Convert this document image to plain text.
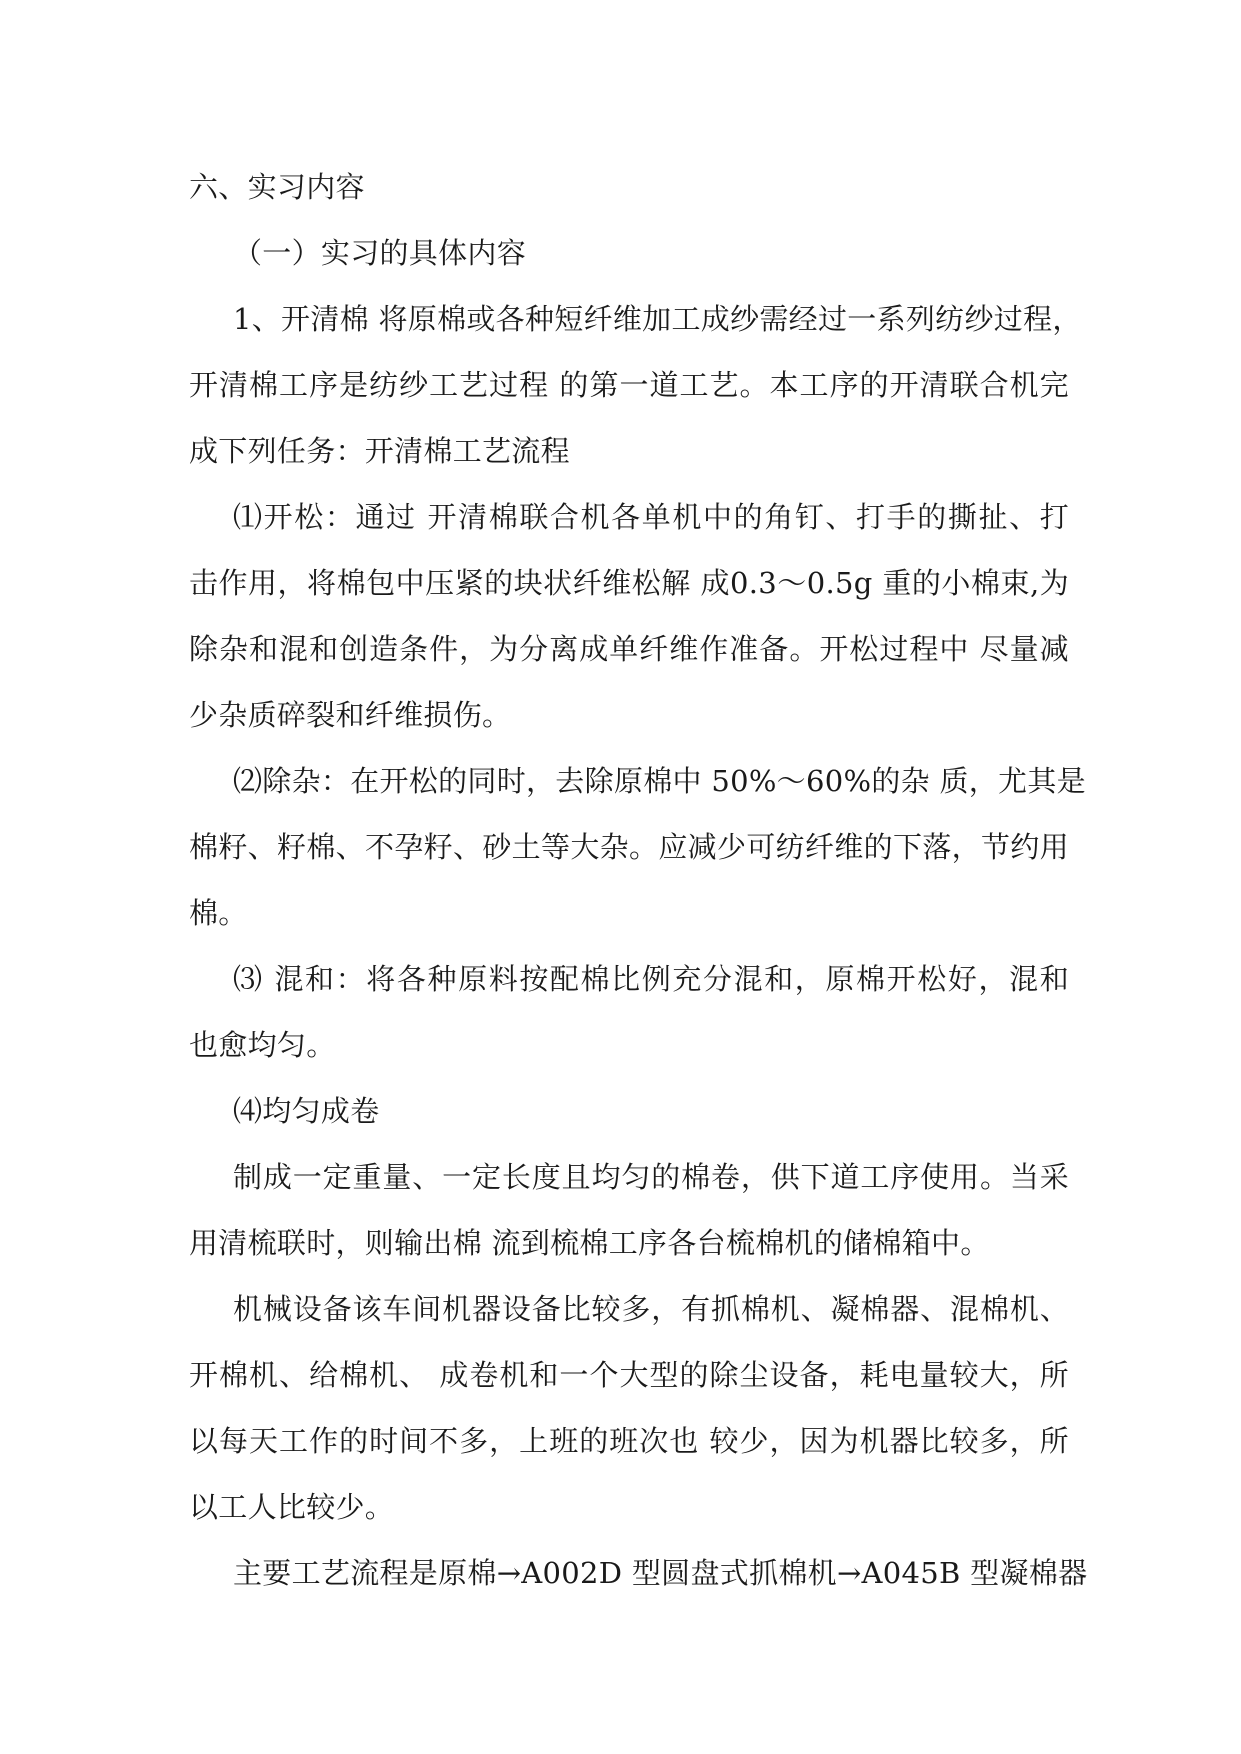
六、实习内容
（一）实习的具体内容
1、开清棉 将原棉或各种短纤维加工成纱需经过一系列纺纱过程，
开清棉工序是纺纱工艺过程 的第一道工艺。本工序的开清联合机完
成下列任务：开清棉工艺流程
⑴开松：通过 开清棉联合机各单机中的角钉、打手的撕扯、打
击作用，将棉包中压紧的块状纤维松解 成0.3～0.5g 重的小棉束,为
除杂和混和创造条件，为分离成单纤维作准备。开松过程中 尽量减
少杂质碎裂和纤维损伤。
⑵除杂：在开松的同时，去除原棉中 50%～60%的杂 质，尤其是
棉籽、籽棉、不孕籽、砂土等大杂。应减少可纺纤维的下落，节约用
棉。
⑶ 混和：将各种原料按配棉比例充分混和，原棉开松好，混和
也愈均匀。
⑷均匀成卷
制成一定重量、一定长度且均匀的棉卷，供下道工序使用。当采
用清梳联时，则输出棉 流到梳棉工序各台梳棉机的储棉箱中。
机械设备该车间机器设备比较多，有抓棉机、凝棉器、混棉机、
开棉机、给棉机、 成卷机和一个大型的除尘设备，耗电量较大，所
以每天工作的时间不多，上班的班次也 较少，因为机器比较多，所
以工人比较少。
主要工艺流程是原棉→A002D 型圆盘式抓棉机→A045B 型凝棉器
